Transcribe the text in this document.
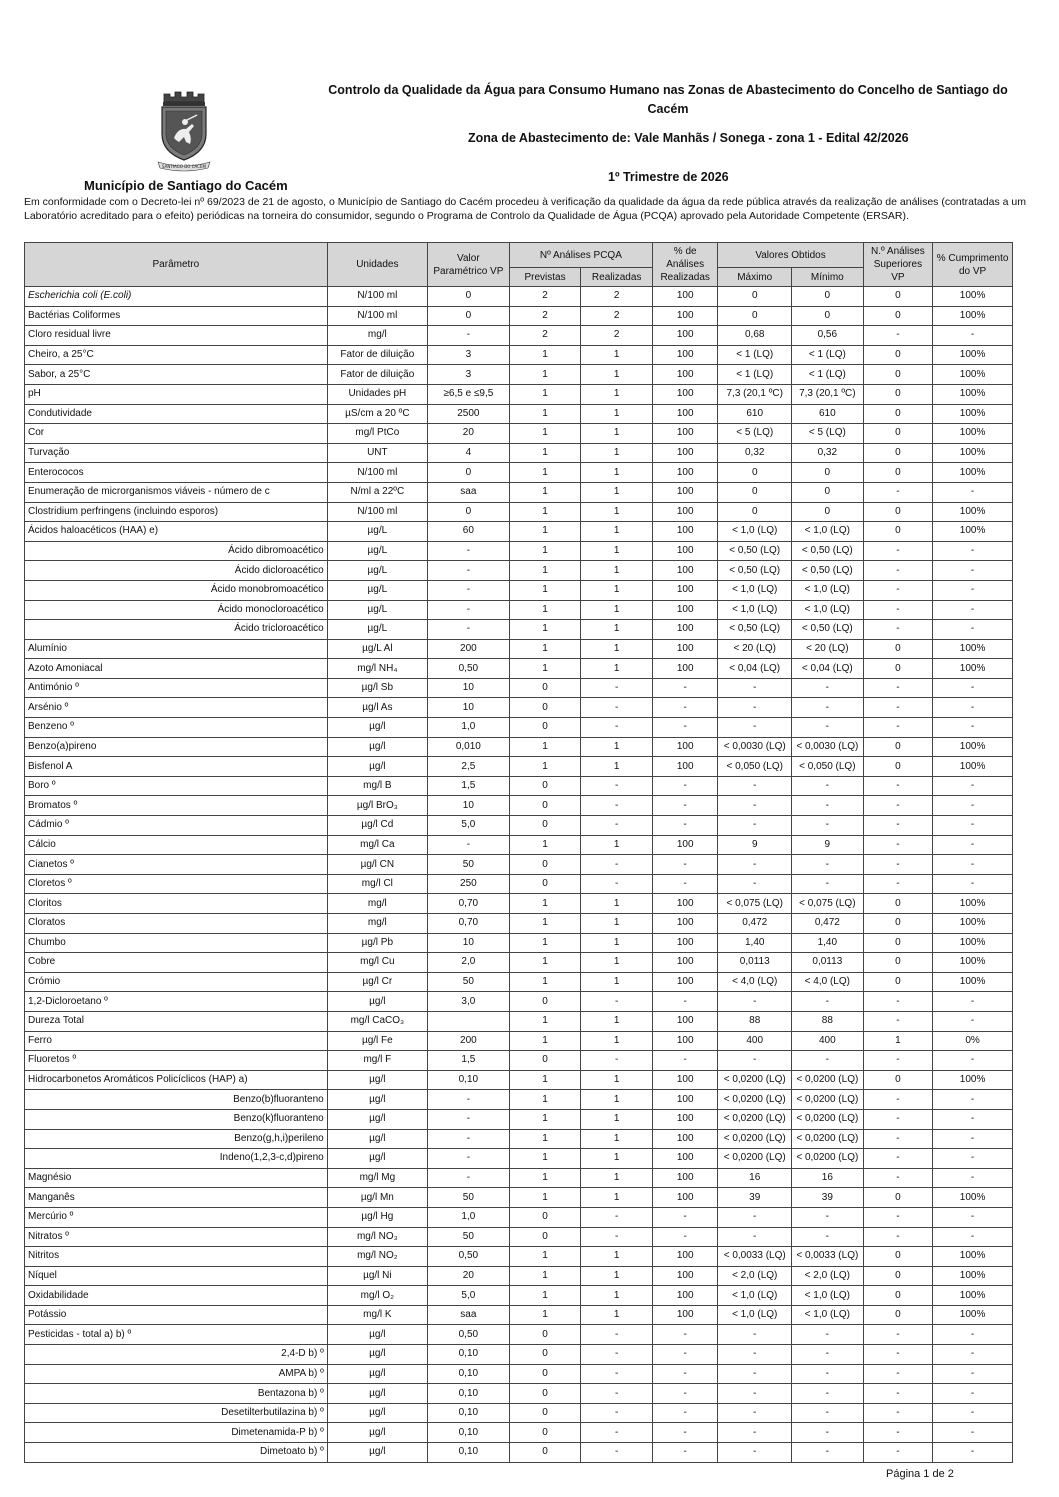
SANTIAGO DO CACÉM
Controlo da Qualidade da Água para Consumo Humano nas Zonas de Abastecimento do Concelho de Santiago do Cacém
Zona de Abastecimento de: Vale Manhãs / Sonega - zona 1 - Edital 42/2026
1º Trimestre de 2026
Município de Santiago do Cacém
Em conformidade com o Decreto-lei nº 69/2023 de 21 de agosto, o Município de Santiago do Cacém procedeu à verificação da qualidade da água da rede pública através da realização de análises (contratadas a um Laboratório acreditado para o efeito) periódicas na torneira do consumidor, segundo o Programa de Controlo da Qualidade de Água (PCQA) aprovado pela Autoridade Competente (ERSAR).
Parâmetro	Unidades	Valor Paramétrico VP	Nº Análises PCQA		% de Análises Realizadas	Valores Obtidos		N.º Análises Superiores VP	% Cumprimento do VP
			Previstas	Realizadas		Máximo	Mínimo		
Escherichia coli (E.coli)	N/100 ml	0	2	2	100	0	0	0	100%
Bactérias Coliformes	N/100 ml	0	2	2	100	0	0	0	100%
Cloro residual livre	mg/l	-	2	2	100	0,68	0,56	-	-
Cheiro, a 25°C	Fator de diluição	3	1	1	100	< 1 (LQ)	< 1 (LQ)	0	100%
Sabor, a 25°C	Fator de diluição	3	1	1	100	< 1 (LQ)	< 1 (LQ)	0	100%
pH	Unidades pH	≥6,5 e ≤9,5	1	1	100	7,3 (20,1 ºC)	7,3 (20,1 ºC)	0	100%
Condutividade	µS/cm a 20 ºC	2500	1	1	100	610	610	0	100%
Cor	mg/l PtCo	20	1	1	100	< 5 (LQ)	< 5 (LQ)	0	100%
Turvação	UNT	4	1	1	100	0,32	0,32	0	100%
Enterococos	N/100 ml	0	1	1	100	0	0	0	100%
Enumeração de microrganismos viáveis - número de c	N/ml a 22ºC	saa	1	1	100	0	0	-	-
Clostridium perfringens (incluindo esporos)	N/100 ml	0	1	1	100	0	0	0	100%
Ácidos haloacéticos (HAA) e)	µg/L	60	1	1	100	< 1,0 (LQ)	< 1,0 (LQ)	0	100%
Ácido dibromoacético	µg/L	-	1	1	100	< 0,50 (LQ)	< 0,50 (LQ)	-	-
Ácido dicloroacético	µg/L	-	1	1	100	< 0,50 (LQ)	< 0,50 (LQ)	-	-
Ácido monobromoacético	µg/L	-	1	1	100	< 1,0 (LQ)	< 1,0 (LQ)	-	-
Ácido monocloroacético	µg/L	-	1	1	100	< 1,0 (LQ)	< 1,0 (LQ)	-	-
Ácido tricloroacético	µg/L	-	1	1	100	< 0,50 (LQ)	< 0,50 (LQ)	-	-
Alumínio	µg/L Al	200	1	1	100	< 20 (LQ)	< 20 (LQ)	0	100%
Azoto Amoniacal	mg/l NH₄	0,50	1	1	100	< 0,04 (LQ)	< 0,04 (LQ)	0	100%
Antimónio º	µg/l Sb	10	0	-	-	-	-	-	-
Arsénio º	µg/l As	10	0	-	-	-	-	-	-
Benzeno º	µg/l	1,0	0	-	-	-	-	-	-
Benzo(a)pireno	µg/l	0,010	1	1	100	< 0,0030 (LQ)	< 0,0030 (LQ)	0	100%
Bisfenol A	µg/l	2,5	1	1	100	< 0,050 (LQ)	< 0,050 (LQ)	0	100%
Boro º	mg/l B	1,5	0	-	-	-	-	-	-
Bromatos º	µg/l BrO₃	10	0	-	-	-	-	-	-
Cádmio º	µg/l Cd	5,0	0	-	-	-	-	-	-
Cálcio	mg/l Ca	-	1	1	100	9	9	-	-
Cianetos º	µg/l CN	50	0	-	-	-	-	-	-
Cloretos º	mg/l Cl	250	0	-	-	-	-	-	-
Cloritos	mg/l	0,70	1	1	100	< 0,075 (LQ)	< 0,075 (LQ)	0	100%
Cloratos	mg/l	0,70	1	1	100	0,472	0,472	0	100%
Chumbo	µg/l Pb	10	1	1	100	1,40	1,40	0	100%
Cobre	mg/l Cu	2,0	1	1	100	0,0113	0,0113	0	100%
Crómio	µg/l Cr	50	1	1	100	< 4,0 (LQ)	< 4,0 (LQ)	0	100%
1,2-Dicloroetano º	µg/l	3,0	0	-	-	-	-	-	-
Dureza Total	mg/l CaCO₃		1	1	100	88	88	-	-
Ferro	µg/l Fe	200	1	1	100	400	400	1	0%
Fluoretos º	mg/l F	1,5	0	-	-	-	-	-	-
Hidrocarbonetos Aromáticos Policíclicos (HAP) a)	µg/l	0,10	1	1	100	< 0,0200 (LQ)	< 0,0200 (LQ)	0	100%
Benzo(b)fluoranteno	µg/l	-	1	1	100	< 0,0200 (LQ)	< 0,0200 (LQ)	-	-
Benzo(k)fluoranteno	µg/l	-	1	1	100	< 0,0200 (LQ)	< 0,0200 (LQ)	-	-
Benzo(g,h,i)perileno	µg/l	-	1	1	100	< 0,0200 (LQ)	< 0,0200 (LQ)	-	-
Indeno(1,2,3-c,d)pireno	µg/l	-	1	1	100	< 0,0200 (LQ)	< 0,0200 (LQ)	-	-
Magnésio	mg/l Mg	-	1	1	100	16	16	-	-
Manganês	µg/l Mn	50	1	1	100	39	39	0	100%
Mercúrio º	µg/l Hg	1,0	0	-	-	-	-	-	-
Nitratos º	mg/l NO₃	50	0	-	-	-	-	-	-
Nitritos	mg/l NO₂	0,50	1	1	100	< 0,0033 (LQ)	< 0,0033 (LQ)	0	100%
Níquel	µg/l Ni	20	1	1	100	< 2,0 (LQ)	< 2,0 (LQ)	0	100%
Oxidabilidade	mg/l O₂	5,0	1	1	100	< 1,0 (LQ)	< 1,0 (LQ)	0	100%
Potássio	mg/l K	saa	1	1	100	< 1,0 (LQ)	< 1,0 (LQ)	0	100%
Pesticidas - total a) b) º	µg/l	0,50	0	-	-	-	-	-	-
2,4-D b) º	µg/l	0,10	0	-	-	-	-	-	-
AMPA b) º	µg/l	0,10	0	-	-	-	-	-	-
Bentazona b) º	µg/l	0,10	0	-	-	-	-	-	-
Desetilterbutilazina b) º	µg/l	0,10	0	-	-	-	-	-	-
Dimetenamida-P b) º	µg/l	0,10	0	-	-	-	-	-	-
Dimetoato b) º	µg/l	0,10	0	-	-	-	-	-	-
Página 1 de 2
